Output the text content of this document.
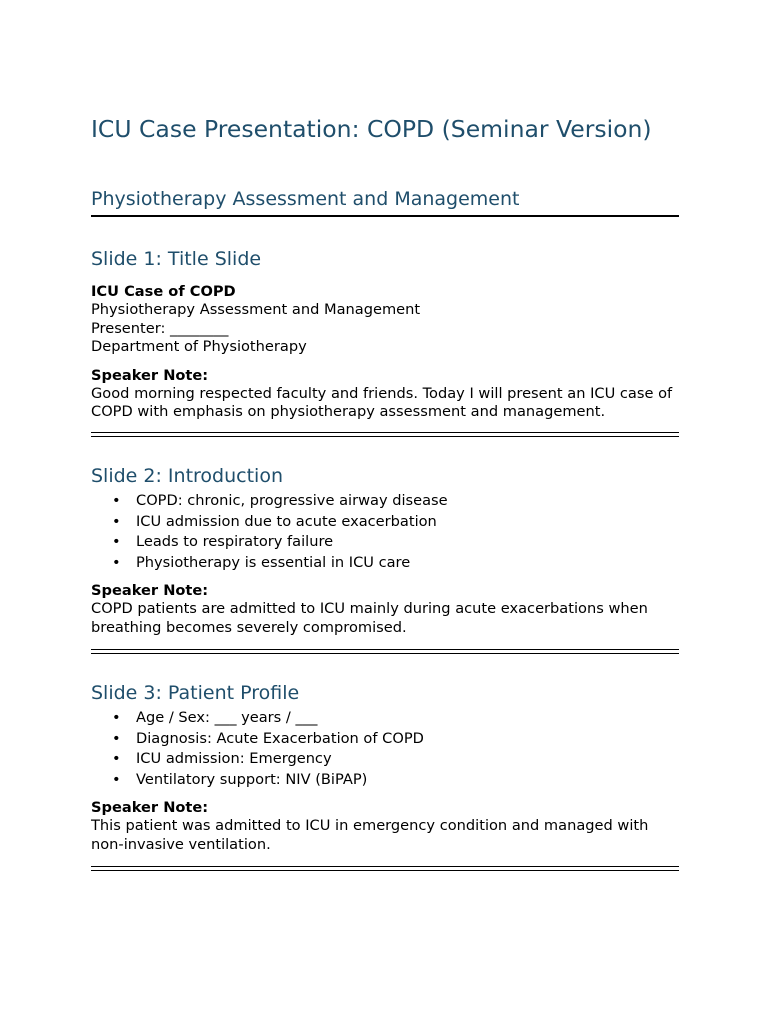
ICU Case Presentation: COPD (Seminar Version)
Physiotherapy Assessment and Management
Slide 1: Title Slide

ICU Case of COPD

Physiotherapy Assessment and Management

Presenter: ________

Department of Physiotherapy

Speaker Note:

Good morning respected faculty and friends. Today I will present an ICU case of COPD with emphasis on physiotherapy assessment and management.

Slide 2: Introduction
• COPD: chronic, progressive airway disease
• ICU admission due to acute exacerbation
• Leads to respiratory failure
• Physiotherapy is essential in ICU care

Speaker Note:

COPD patients are admitted to ICU mainly during acute exacerbations when breathing becomes severely compromised.

Slide 3: Patient Profile
• Age / Sex: ___ years / ___
• Diagnosis: Acute Exacerbation of COPD
• ICU admission: Emergency
• Ventilatory support: NIV (BiPAP)

Speaker Note:

This patient was admitted to ICU in emergency condition and managed with non-invasive ventilation.
